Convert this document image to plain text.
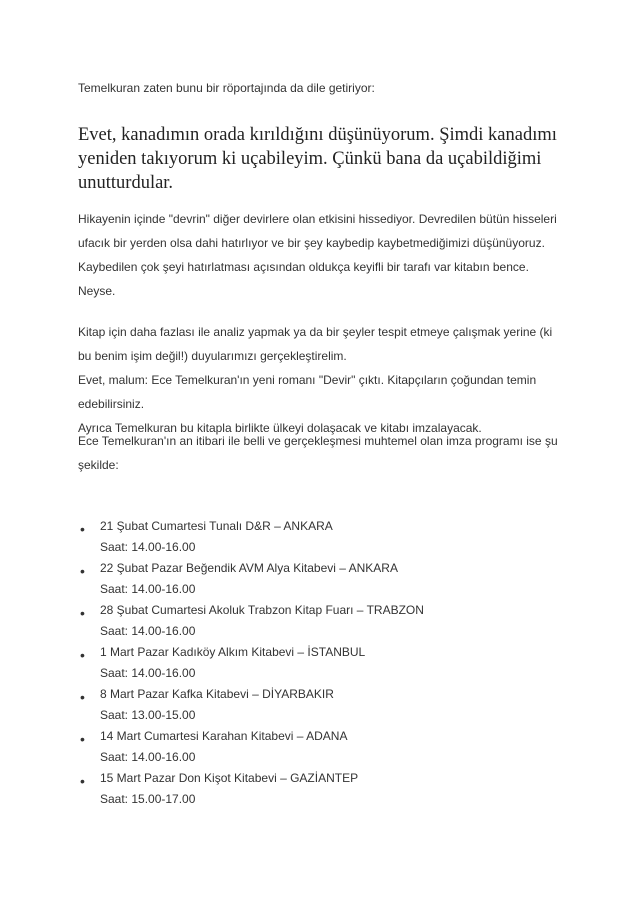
Temelkuran zaten bunu bir röportajında da dile getiriyor:

Evet, kanadımın orada kırıldığını düşünüyorum. Şimdi kanadımı yeniden takıyorum ki uçabileyim. Çünkü bana da uçabildiğimi unutturdular.

Hikayenin içinde "devrin" diğer devirlere olan etkisini hissediyor. Devredilen bütün hisseleri ufacık bir yerden olsa dahi hatırlıyor ve bir şey kaybedip kaybetmediğimizi düşünüyoruz. Kaybedilen çok şeyi hatırlatması açısından oldukça keyifli bir tarafı var kitabın bence. Neyse.

Kitap için daha fazlası ile analiz yapmak ya da bir şeyler tespit etmeye çalışmak yerine (ki bu benim işim değil!) duyularımızı gerçekleştirelim.
Evet, malum: Ece Temelkuran'ın yeni romanı "Devir" çıktı. Kitapçıların çoğundan temin edebilirsiniz.
Ayrıca Temelkuran bu kitapla birlikte ülkeyi dolaşacak ve kitabı imzalayacak.

Ece Temelkuran'ın an itibari ile belli ve gerçekleşmesi muhtemel olan imza programı ise şu şekilde:

• 21 Şubat Cumartesi Tunalı D&R – ANKARA
Saat: 14.00-16.00
• 22 Şubat Pazar Beğendik AVM Alya Kitabevi – ANKARA
Saat: 14.00-16.00
• 28 Şubat Cumartesi Akoluk Trabzon Kitap Fuarı – TRABZON
Saat: 14.00-16.00
• 1 Mart Pazar Kadıköy Alkım Kitabevi – İSTANBUL
Saat: 14.00-16.00
• 8 Mart Pazar Kafka Kitabevi – DİYARBAKIR
Saat: 13.00-15.00
• 14 Mart Cumartesi Karahan Kitabevi – ADANA
Saat: 14.00-16.00
• 15 Mart Pazar Don Kişot Kitabevi – GAZİANTEP
Saat: 15.00-17.00
